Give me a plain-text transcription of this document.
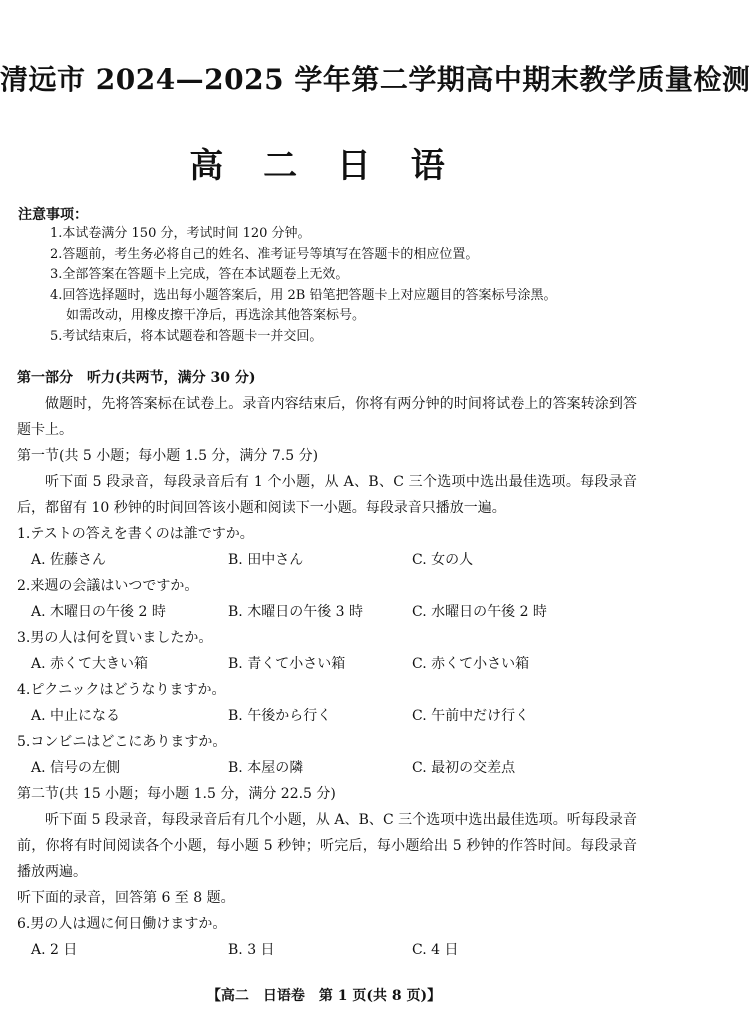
清远市 2024—2025 学年第二学期高中期末教学质量检测
高 二 日 语
注意事项：
1.本试卷满分 150 分，考试时间 120 分钟。
2.答题前，考生务必将自己的姓名、准考证号等填写在答题卡的相应位置。
3.全部答案在答题卡上完成，答在本试题卷上无效。
4.回答选择题时，选出每小题答案后，用 2B 铅笔把答题卡上对应题目的答案标号涂黑。
如需改动，用橡皮擦干净后，再选涂其他答案标号。
5.考试结束后，将本试题卷和答题卡一并交回。
第一部分　听力(共两节，满分 30 分)
做题时，先将答案标在试卷上。录音内容结束后，你将有两分钟的时间将试卷上的答案转涂到答题卡上。
第一节(共 5 小题；每小题 1.5 分，满分 7.5 分)
听下面 5 段录音，每段录音后有 1 个小题，从 A、B、C 三个选项中选出最佳选项。每段录音后，都留有 10 秒钟的时间回答该小题和阅读下一小题。每段录音只播放一遍。
1.テストの答えを書くのは誰ですか。
A. 佐藤さん	B. 田中さん	C. 女の人
2.来週の会議はいつですか。
A. 木曜日の午後 2 時	B. 木曜日の午後 3 時	C. 水曜日の午後 2 時
3.男の人は何を買いましたか。
A. 赤くて大きい箱	B. 青くて小さい箱	C. 赤くて小さい箱
4.ピクニックはどうなりますか。
A. 中止になる	B. 午後から行く	C. 午前中だけ行く
5.コンビニはどこにありますか。
A. 信号の左側	B. 本屋の隣	C. 最初の交差点
第二节(共 15 小题；每小题 1.5 分，满分 22.5 分)
听下面 5 段录音，每段录音后有几个小题，从 A、B、C 三个选项中选出最佳选项。听每段录音前，你将有时间阅读各个小题，每小题 5 秒钟；听完后，每小题给出 5 秒钟的作答时间。每段录音播放两遍。
听下面的录音，回答第 6 至 8 题。
6.男の人は週に何日働けますか。
A. 2 日	B. 3 日	C. 4 日
【高二　日语卷　第 1 页(共 8 页)】
